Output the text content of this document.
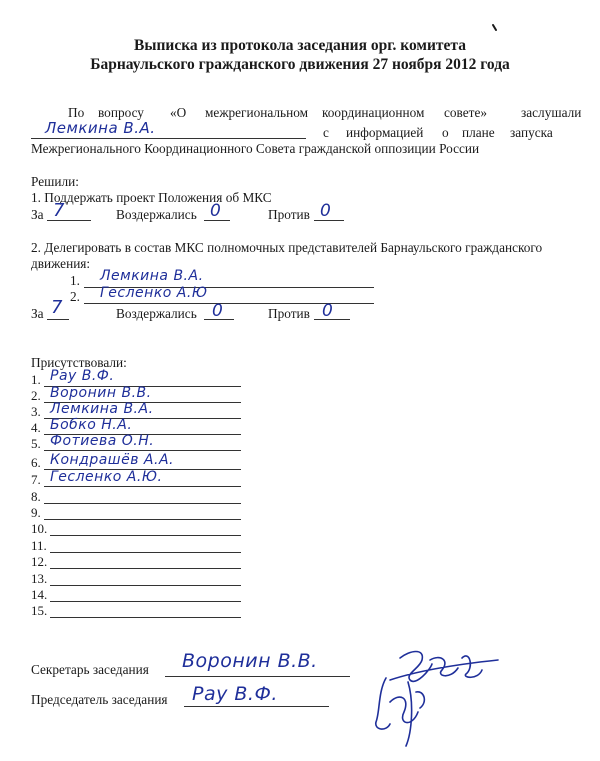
Выписка из протокола заседания орг. комитета
Барнаульского гражданского движения 27 ноября 2012 года
По вопросу «О межрегиональном координационном совете»	заслушали
Лемкина В.А.	с информацией о плане запуска
Межрегионального Координационного Совета гражданской оппозиции России
Решили:
1. Поддержать проект Положения об МКС
За 7	Воздержались 0	Против 0
2. Делегировать в состав МКС полномочных представителей Барнаульского гражданского
движения:
1. Лемкина В.А.
2. Гесленко А.Ю
За 7	Воздержались 0	Против 0
Присутствовали:
1. Рау В.Ф.
2. Воронин В.В.
3. Лемкина В.А.
4. Бобко Н.А.
5. Фотиева О.Н.
6. Кондрашёв А.А.
7. Гесленко А.Ю.
8.
9.
10.
11.
12.
13.
14.
15.
Секретарь заседания Воронин В.В.
Председатель заседания Рау В.Ф.
